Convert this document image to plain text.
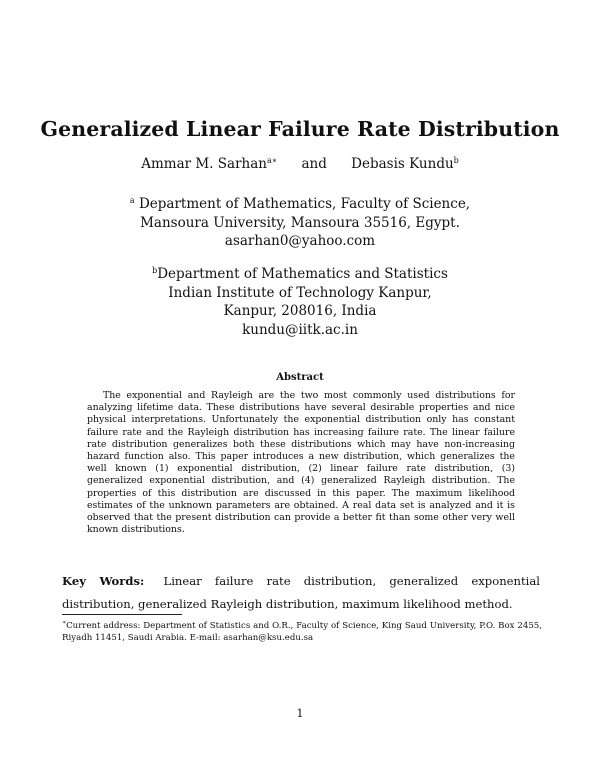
Generalized Linear Failure Rate Distribution
Ammar M. Sarhan$^{a∗}$ and Debasis Kundu$^b$
$^a$ Department of Mathematics, Faculty of Science,
Mansoura University, Mansoura 35516, Egypt.
asarhan0@yahoo.com
$^b$Department of Mathematics and Statistics
Indian Institute of Technology Kanpur,
Kanpur, 208016, India
kundu@iitk.ac.in
Abstract
The exponential and Rayleigh are the two most commonly used distributions for analyzing lifetime data. These distributions have several desirable properties and nice physical interpretations. Unfortunately the exponential distribution only has constant failure rate and the Rayleigh distribution has increasing failure rate. The linear failure rate distribution generalizes both these distributions which may have non-increasing hazard function also. This paper introduces a new distribution, which generalizes the well known (1) exponential distribution, (2) linear failure rate distribution, (3) generalized exponential distribution, and (4) generalized Rayleigh distribution. The properties of this distribution are discussed in this paper. The maximum likelihood estimates of the unknown parameters are obtained. A real data set is analyzed and it is observed that the present distribution can provide a better fit than some other very well known distributions.
Key Words: Linear failure rate distribution, generalized exponential distribution, generalized Rayleigh distribution, maximum likelihood method.
∗Current address: Department of Statistics and O.R., Faculty of Science, King Saud University, P.O. Box 2455, Riyadh 11451, Saudi Arabia. E-mail: asarhan@ksu.edu.sa
1
